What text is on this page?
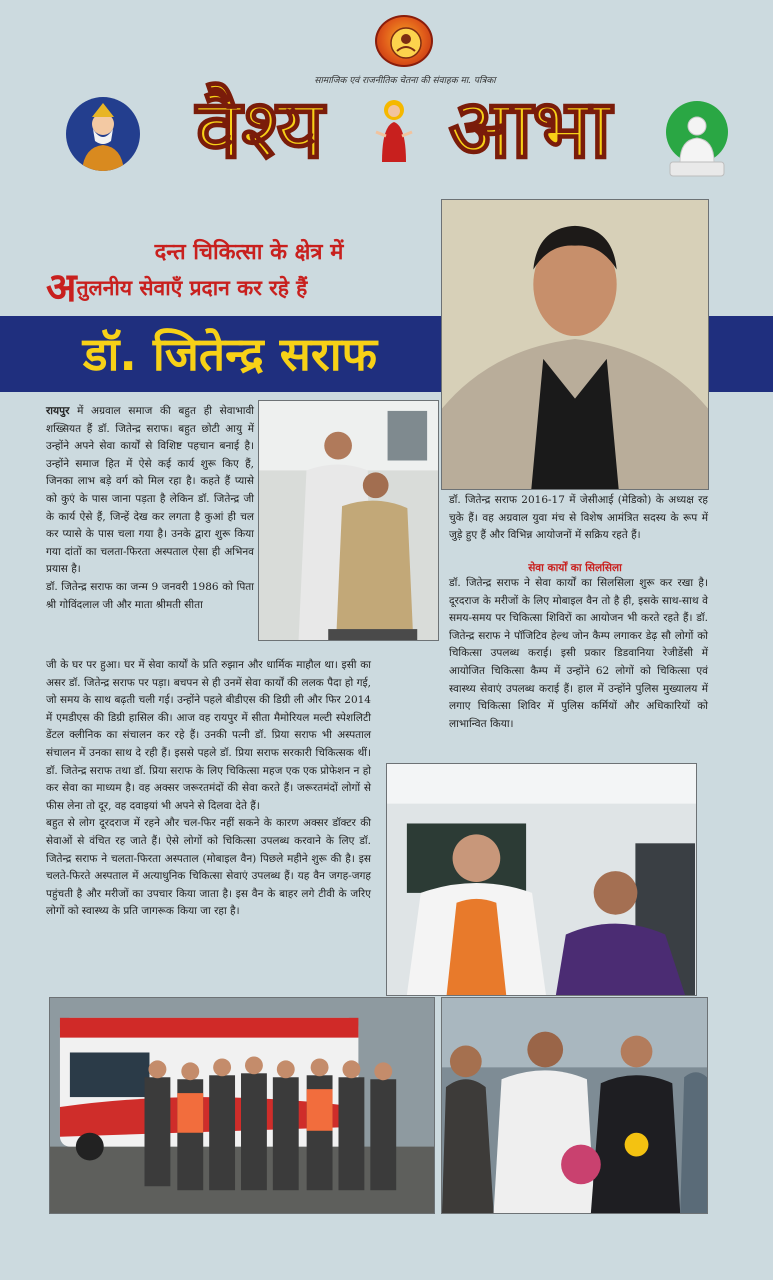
सामाजिक एवं राजनीतिक चेतना की संवाहक मा. पत्रिका
वैश्य	आभा
दन्त चिकित्सा के क्षेत्र में
अतुलनीय सेवाएँ प्रदान कर रहे हैं
डॉ. जितेन्द्र सराफ

रायपुर में अग्रवाल समाज की बहुत ही सेवाभावी शख्सियत हैं डॉ. जितेन्द्र सराफ। बहुत छोटी आयु में उन्होंने अपने सेवा कार्यों से विशिष्ट पहचान बनाई है। उन्होंने समाज हित में ऐसे कई कार्य शुरू किए हैं, जिनका लाभ बड़े वर्ग को मिल रहा है। कहते हैं प्यासे को कुएं के पास जाना पड़ता है लेकिन डॉ. जितेन्द्र जी के कार्य ऐसे हैं, जिन्हें देख कर लगता है कुआं ही चल कर प्यासे के पास चला गया है। उनके द्वारा शुरू किया गया दांतों का चलता-फिरता अस्पताल ऐसा ही अभिनव प्रयास है।

डॉ. जितेन्द्र सराफ का जन्म 9 जनवरी 1986 को पिता श्री गोविंदलाल जी और माता श्रीमती सीता

जी के घर पर हुआ। घर में सेवा कार्यों के प्रति रुझान और धार्मिक माहौल था। इसी का असर डॉ. जितेन्द्र सराफ पर पड़ा। बचपन से ही उनमें सेवा कार्यों की ललक पैदा हो गई, जो समय के साथ बढ़ती चली गई। उन्होंने पहले बीडीएस की डिग्री ली और फिर 2014 में एमडीएस की डिग्री हासिल की। आज वह रायपुर में सीता मैमोरियल मल्टी स्पेशलिटी डेंटल क्लीनिक का संचालन कर रहे हैं। उनकी पत्नी डॉ. प्रिया सराफ भी अस्पताल संचालन में उनका साथ दे रही हैं। इससे पहले डॉ. प्रिया सराफ सरकारी चिकित्सक थीं। डॉ. जितेन्द्र सराफ तथा डॉ. प्रिया सराफ के लिए चिकित्सा महज एक एक प्रोफेशन न हो कर सेवा का माध्यम है। वह अक्सर जरूरतमंदों की सेवा करते हैं। जरूरतमंदों लोगों से फीस लेना तो दूर, वह दवाइयां भी अपने से दिलवा देते हैं।

बहुत से लोग दूरदराज में रहने और चल-फिर नहीं सकने के कारण अक्सर डॉक्टर की सेवाओं से वंचित रह जाते हैं। ऐसे लोगों को चिकित्सा उपलब्ध करवाने के लिए डॉ. जितेन्द्र सराफ ने चलता-फिरता अस्पताल (मोबाइल वैन) पिछले महीने शुरू की है। इस चलते-फिरते अस्पताल में अत्याधुनिक चिकित्सा सेवाएं उपलब्ध हैं। यह वैन जगह-जगह पहुंचती है और मरीजों का उपचार किया जाता है। इस वैन के बाहर लगे टीवी के जरिए लोगों को स्वास्थ्य के प्रति जागरूक किया जा रहा है।

डॉ. जितेन्द्र सराफ 2016-17 में जेसीआई (मेडिको) के अध्यक्ष रह चुके हैं। वह अग्रवाल युवा मंच से विशेष आमंत्रित सदस्य के रूप में जुड़े हुए हैं और विभिन्न आयोजनों में सक्रिय रहते हैं।
सेवा कार्यों का सिलसिला
डॉ. जितेन्द्र सराफ ने सेवा कार्यों का सिलसिला शुरू कर रखा है। दूरदराज के मरीजों के लिए मोबाइल वैन तो है ही, इसके साथ-साथ वे समय-समय पर चिकित्सा शिविरों का आयोजन भी करते रहते हैं। डॉ. जितेन्द्र सराफ ने पॉजिटिव हेल्थ जोन कैम्प लगाकर डेढ़ सौ लोगों को चिकित्सा उपलब्ध कराई। इसी प्रकार डिडवानिया रेजीडेंसी में आयोजित चिकित्सा कैम्प में उन्होंने 62 लोगों को चिकित्सा एवं स्वास्थ्य सेवाएं उपलब्ध कराई हैं। हाल में उन्होंने पुलिस मुख्यालय में लगाए चिकित्सा शिविर में पुलिस कर्मियों और अधिकारियों को लाभान्वित किया।
